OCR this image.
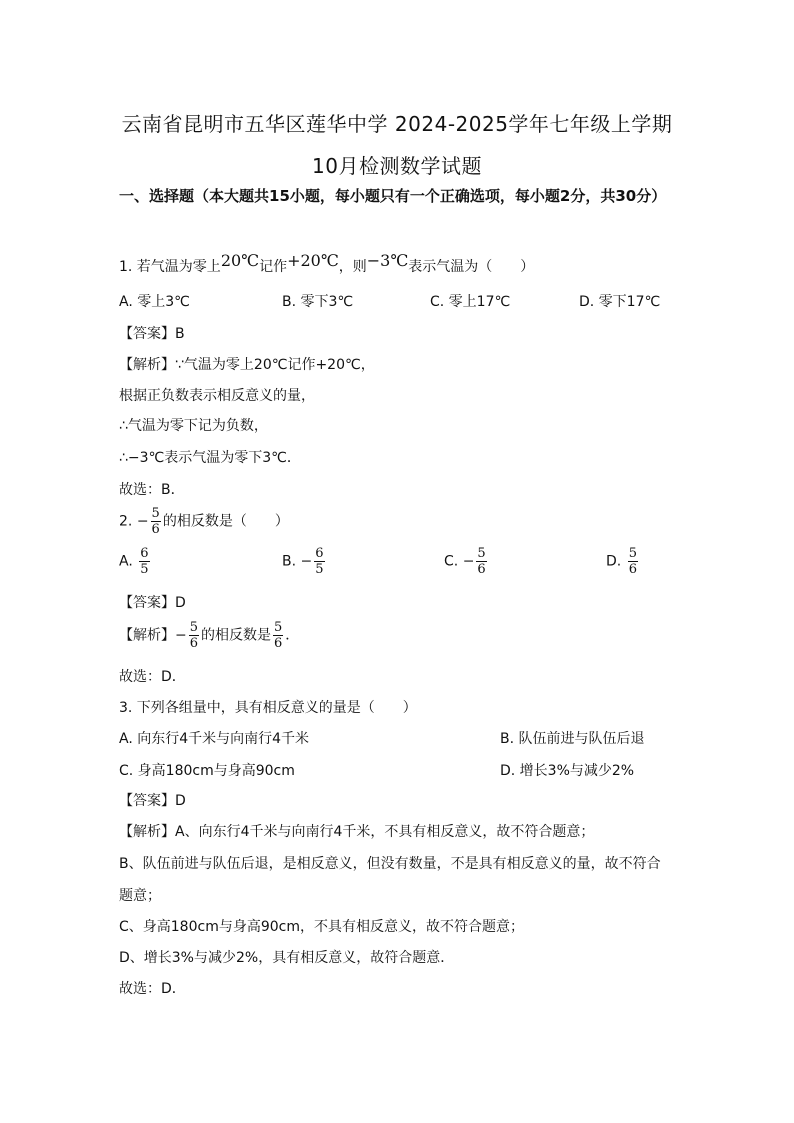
云南省昆明市五华区莲华中学 2024-2025学年七年级上学期
10月检测数学试题
一、选择题（本大题共15小题，每小题只有一个正确选项，每小题2分，共30分）
1. 若气温为零上20℃记作+20℃，则−3℃表示气温为（　　）
A. 零上3℃	B. 零下3℃	C. 零上17℃	D. 零下17℃
【答案】B
【解析】∵气温为零上20℃记作+20℃，
根据正负数表示相反意义的量，
∴气温为零下记为负数，
∴−3℃表示气温为零下3℃．
故选：B．
2. − $\frac{5}{6}$ 的相反数是（　　）
A. $\frac{6}{5}$	B. − $\frac{6}{5}$	C. − $\frac{5}{6}$	D. $\frac{5}{6}$
【答案】D
【解析】− $\frac{5}{6}$ 的相反数是 $\frac{5}{6}$ ．
故选：D．
3. 下列各组量中，具有相反意义的量是（　　）
A. 向东行4千米与向南行4千米	B. 队伍前进与队伍后退
C. 身高180cm与身高90cm	D. 增长3%与减少2%
【答案】D
【解析】A、向东行4千米与向南行4千米，不具有相反意义，故不符合题意；
B、队伍前进与队伍后退，是相反意义，但没有数量，不是具有相反意义的量，故不符合
题意；
C、身高180cm与身高90cm，不具有相反意义，故不符合题意；
D、增长3%与减少2%，具有相反意义，故符合题意．
故选：D．
